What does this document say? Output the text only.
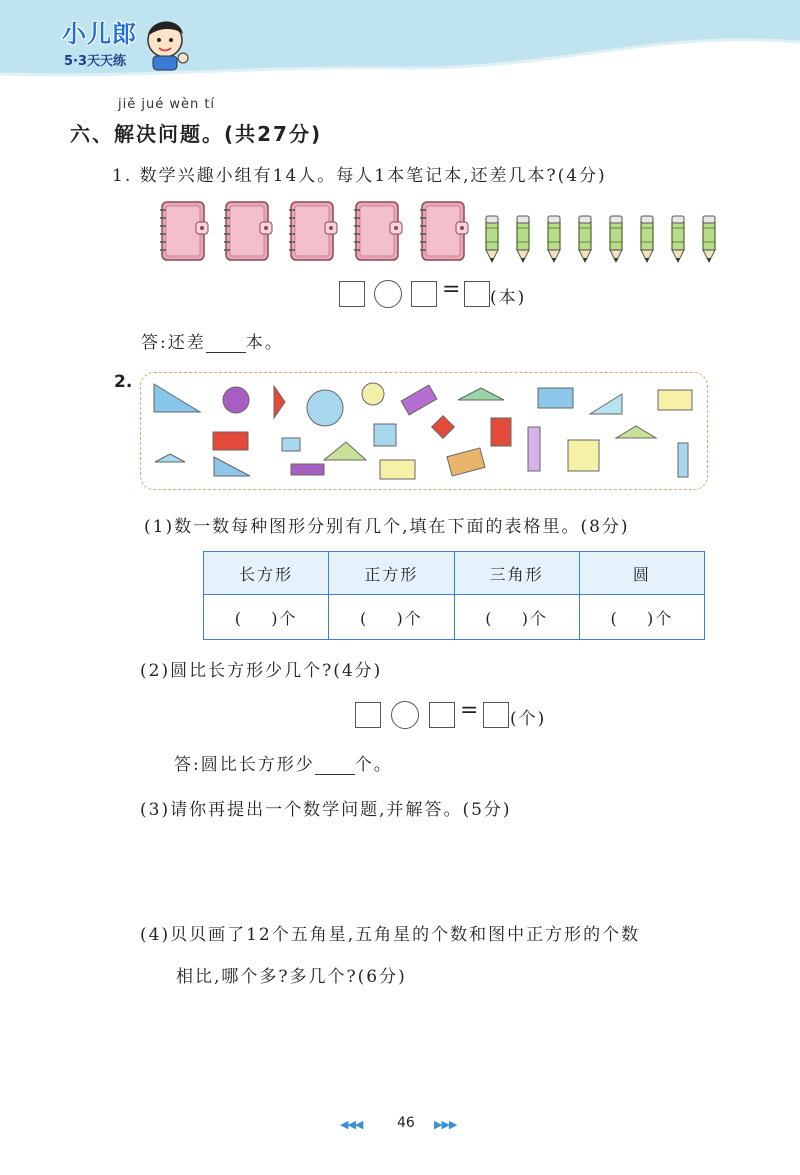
小儿郎
5·3天天练
jiě jué wèn tí
六、解决问题。(共27分)
1. 数学兴趣小组有14人。每人1本笔记本,还差几本?(4分)
= (本)
答:还差 本。
2.
(1)数一数每种图形分别有几个,填在下面的表格里。(8分)
长方形	正方形	三角形	圆
(    )个	(    )个	(    )个	(    )个
(2)圆比长方形少几个?(4分)
= (个)
答:圆比长方形少 个。
(3)请你再提出一个数学问题,并解答。(5分)
(4)贝贝画了12个五角星,五角星的个数和图中正方形的个数
相比,哪个多?多几个?(6分)
◀◀◀ 46 ▶▶▶
